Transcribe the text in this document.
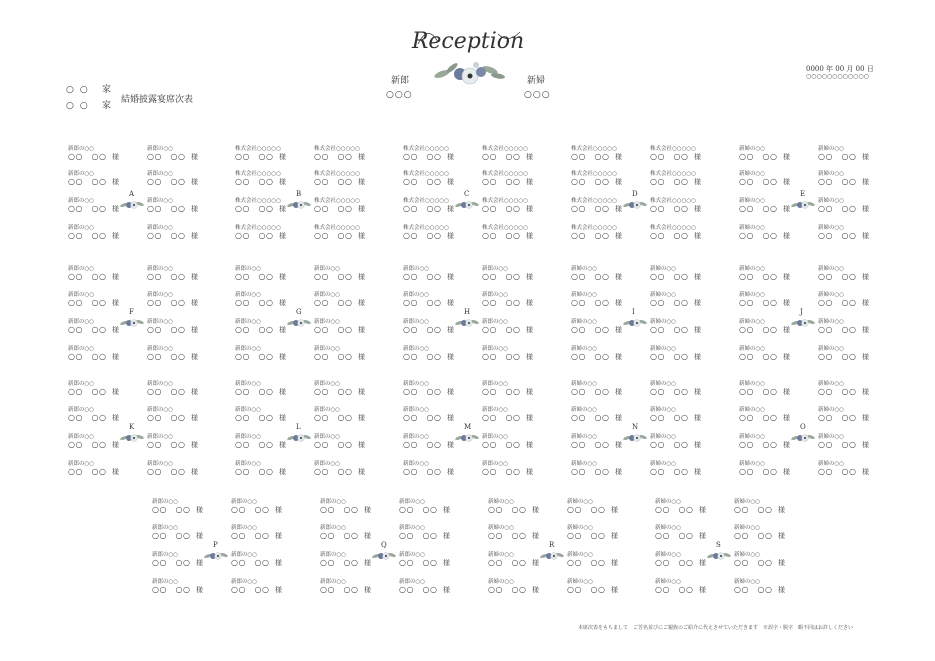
Reception
新郎
○○○
新婦
○○○
0000 年 00 月 00 日
○○○○○○○○○○○○
○○ 家
○○ 家
結婚披露宴席次表
新郎の○○
○○　○○ 様
新郎の○○
○○　○○ 様
新郎の○○
○○　○○ 様
新郎の○○
○○　○○ 様
新郎の○○
○○　○○ 様
新郎の○○
○○　○○ 様
新郎の○○
○○　○○ 様
新郎の○○
○○　○○ 様
A
株式会社○○○○○
○○　○○ 様
株式会社○○○○○
○○　○○ 様
株式会社○○○○○
○○　○○ 様
株式会社○○○○○
○○　○○ 様
株式会社○○○○○
○○　○○ 様
株式会社○○○○○
○○　○○ 様
株式会社○○○○○
○○　○○ 様
株式会社○○○○○
○○　○○ 様
B
株式会社○○○○○
○○　○○ 様
株式会社○○○○○
○○　○○ 様
株式会社○○○○○
○○　○○ 様
株式会社○○○○○
○○　○○ 様
株式会社○○○○○
○○　○○ 様
株式会社○○○○○
○○　○○ 様
株式会社○○○○○
○○　○○ 様
株式会社○○○○○
○○　○○ 様
C
株式会社○○○○○
○○　○○ 様
株式会社○○○○○
○○　○○ 様
株式会社○○○○○
○○　○○ 様
株式会社○○○○○
○○　○○ 様
株式会社○○○○○
○○　○○ 様
株式会社○○○○○
○○　○○ 様
株式会社○○○○○
○○　○○ 様
株式会社○○○○○
○○　○○ 様
D
新婦の○○
○○　○○ 様
新婦の○○
○○　○○ 様
新婦の○○
○○　○○ 様
新婦の○○
○○　○○ 様
新婦の○○
○○　○○ 様
新婦の○○
○○　○○ 様
新婦の○○
○○　○○ 様
新婦の○○
○○　○○ 様
E
新郎の○○
○○　○○ 様
新郎の○○
○○　○○ 様
新郎の○○
○○　○○ 様
新郎の○○
○○　○○ 様
新郎の○○
○○　○○ 様
新郎の○○
○○　○○ 様
新郎の○○
○○　○○ 様
新郎の○○
○○　○○ 様
F
新郎の○○
○○　○○ 様
新郎の○○
○○　○○ 様
新郎の○○
○○　○○ 様
新郎の○○
○○　○○ 様
新郎の○○
○○　○○ 様
新郎の○○
○○　○○ 様
新郎の○○
○○　○○ 様
新郎の○○
○○　○○ 様
G
新郎の○○
○○　○○ 様
新郎の○○
○○　○○ 様
新郎の○○
○○　○○ 様
新郎の○○
○○　○○ 様
新郎の○○
○○　○○ 様
新郎の○○
○○　○○ 様
新郎の○○
○○　○○ 様
新郎の○○
○○　○○ 様
H
新婦の○○
○○　○○ 様
新婦の○○
○○　○○ 様
新婦の○○
○○　○○ 様
新婦の○○
○○　○○ 様
新婦の○○
○○　○○ 様
新婦の○○
○○　○○ 様
新婦の○○
○○　○○ 様
新婦の○○
○○　○○ 様
I
新婦の○○
○○　○○ 様
新婦の○○
○○　○○ 様
新婦の○○
○○　○○ 様
新婦の○○
○○　○○ 様
新婦の○○
○○　○○ 様
新婦の○○
○○　○○ 様
新婦の○○
○○　○○ 様
新婦の○○
○○　○○ 様
J
新郎の○○
○○　○○ 様
新郎の○○
○○　○○ 様
新郎の○○
○○　○○ 様
新郎の○○
○○　○○ 様
新郎の○○
○○　○○ 様
新郎の○○
○○　○○ 様
新郎の○○
○○　○○ 様
新郎の○○
○○　○○ 様
K
新郎の○○
○○　○○ 様
新郎の○○
○○　○○ 様
新郎の○○
○○　○○ 様
新郎の○○
○○　○○ 様
新郎の○○
○○　○○ 様
新郎の○○
○○　○○ 様
新郎の○○
○○　○○ 様
新郎の○○
○○　○○ 様
L
新郎の○○
○○　○○ 様
新郎の○○
○○　○○ 様
新郎の○○
○○　○○ 様
新郎の○○
○○　○○ 様
新郎の○○
○○　○○ 様
新郎の○○
○○　○○ 様
新郎の○○
○○　○○ 様
新郎の○○
○○　○○ 様
M
新婦の○○
○○　○○ 様
新婦の○○
○○　○○ 様
新婦の○○
○○　○○ 様
新婦の○○
○○　○○ 様
新婦の○○
○○　○○ 様
新婦の○○
○○　○○ 様
新婦の○○
○○　○○ 様
新婦の○○
○○　○○ 様
N
新婦の○○
○○　○○ 様
新婦の○○
○○　○○ 様
新婦の○○
○○　○○ 様
新婦の○○
○○　○○ 様
新婦の○○
○○　○○ 様
新婦の○○
○○　○○ 様
新婦の○○
○○　○○ 様
新婦の○○
○○　○○ 様
O
新郎の○○
○○　○○ 様
新郎の○○
○○　○○ 様
新郎の○○
○○　○○ 様
新郎の○○
○○　○○ 様
新郎の○○
○○　○○ 様
新郎の○○
○○　○○ 様
新郎の○○
○○　○○ 様
新郎の○○
○○　○○ 様
P
新郎の○○
○○　○○ 様
新郎の○○
○○　○○ 様
新郎の○○
○○　○○ 様
新郎の○○
○○　○○ 様
新郎の○○
○○　○○ 様
新郎の○○
○○　○○ 様
新郎の○○
○○　○○ 様
新郎の○○
○○　○○ 様
Q
新婦の○○
○○　○○ 様
新婦の○○
○○　○○ 様
新婦の○○
○○　○○ 様
新婦の○○
○○　○○ 様
新婦の○○
○○　○○ 様
新婦の○○
○○　○○ 様
新婦の○○
○○　○○ 様
新婦の○○
○○　○○ 様
R
新婦の○○
○○　○○ 様
新婦の○○
○○　○○ 様
新婦の○○
○○　○○ 様
新婦の○○
○○　○○ 様
新婦の○○
○○　○○ 様
新婦の○○
○○　○○ 様
新婦の○○
○○　○○ 様
新婦の○○
○○　○○ 様
S
本席次表をもちまして　ご芳名並びにご親族のご紹介に代えさせていただきます　※誤字・脱字　暇不同はお許しください
